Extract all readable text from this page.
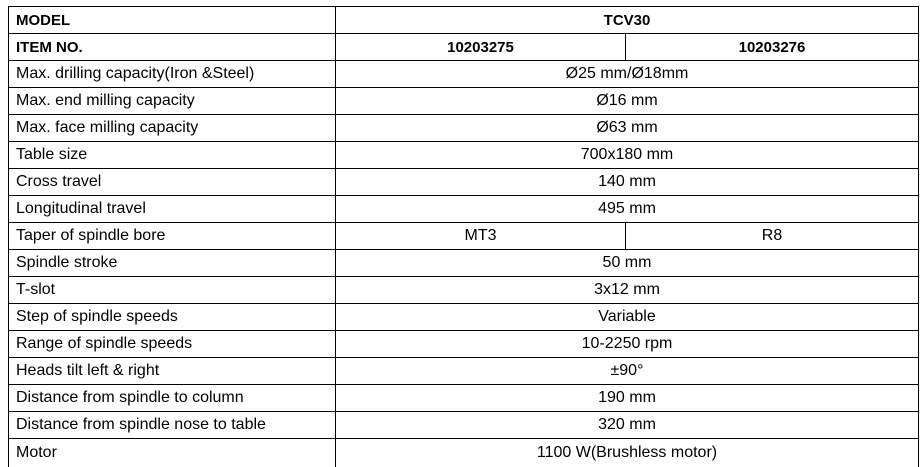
MODEL	TCV30	
ITEM NO.	10203275	10203276
Max. drilling capacity(Iron &Steel)	Ø25 mm/Ø18mm	
Max. end milling capacity	Ø16 mm	
Max. face milling capacity	Ø63 mm	
Table size	700x180 mm	
Cross travel	140 mm	
Longitudinal travel	495 mm	
Taper of spindle bore	MT3	R8
Spindle stroke	50 mm	
T-slot	3x12 mm	
Step of spindle speeds	Variable	
Range of spindle speeds	10-2250 rpm	
Heads tilt left & right	±90°	
Distance from spindle to column	190 mm	
Distance from spindle nose to table	320 mm	
Motor	1100 W(Brushless motor)	
